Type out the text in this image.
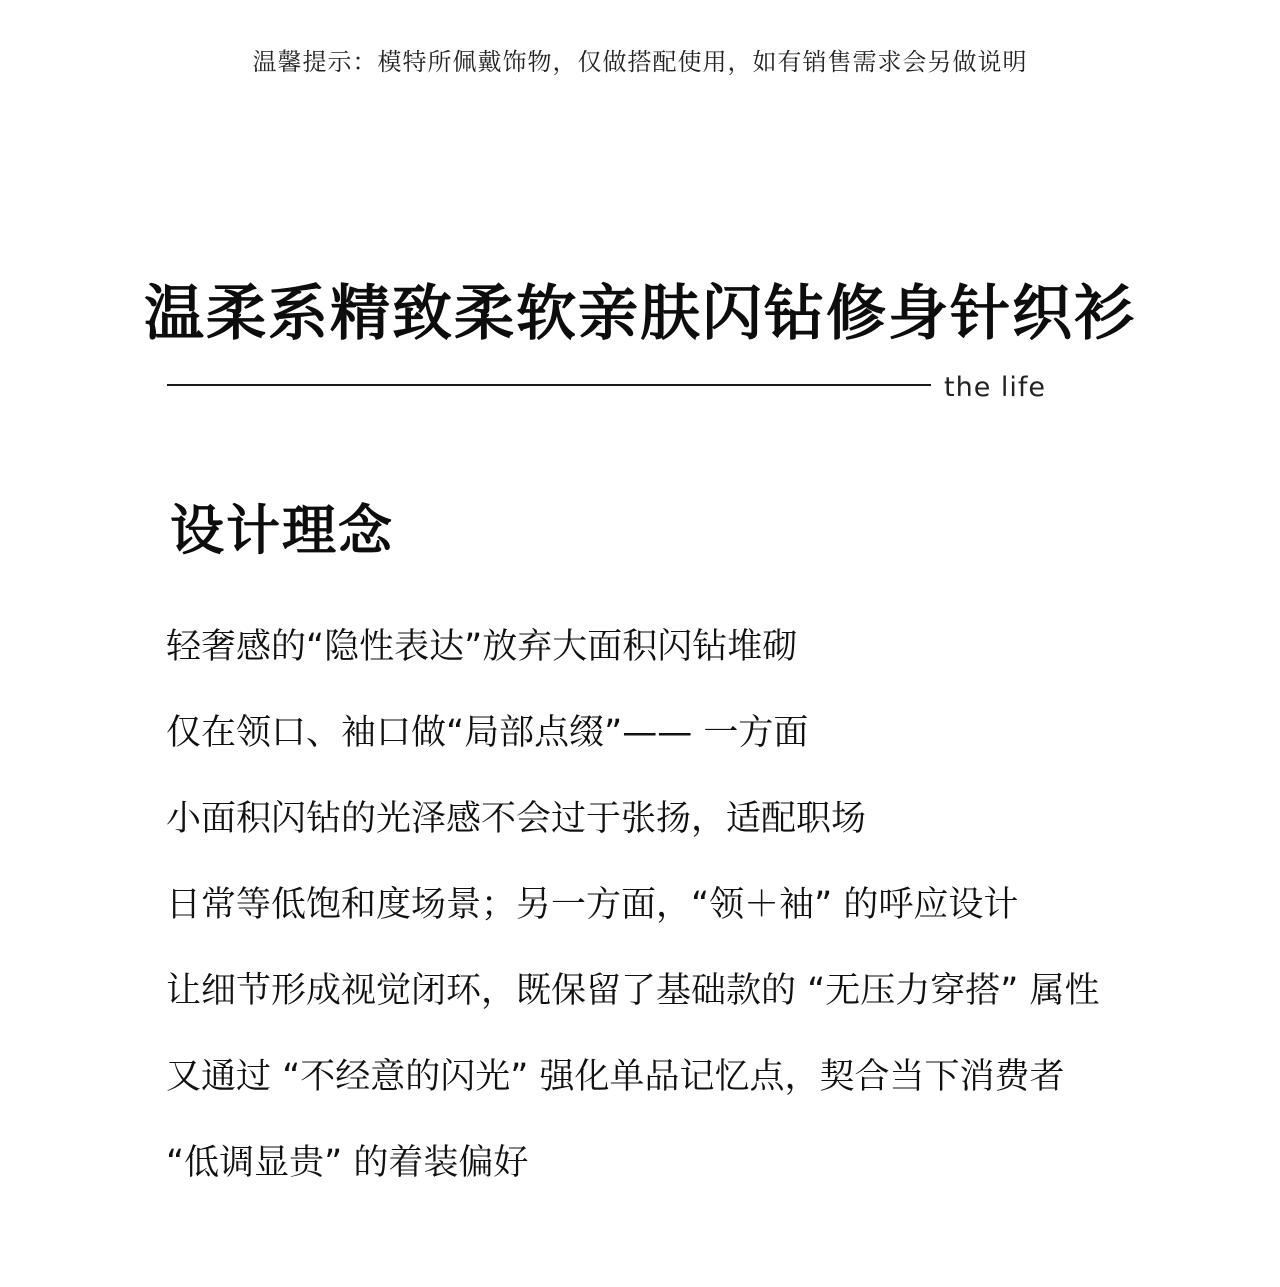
温馨提示：模特所佩戴饰物，仅做搭配使用，如有销售需求会另做说明
温柔系精致柔软亲肤闪钻修身针织衫
the life
设计理念
轻奢感的“隐性表达”放弃大面积闪钻堆砌
仅在领口、袖口做“局部点缀”—— 一方面
小面积闪钻的光泽感不会过于张扬，适配职场
日常等低饱和度场景；另一方面，“领＋袖” 的呼应设计
让细节形成视觉闭环，既保留了基础款的 “无压力穿搭” 属性
又通过 “不经意的闪光” 强化单品记忆点，契合当下消费者
“低调显贵” 的着装偏好
